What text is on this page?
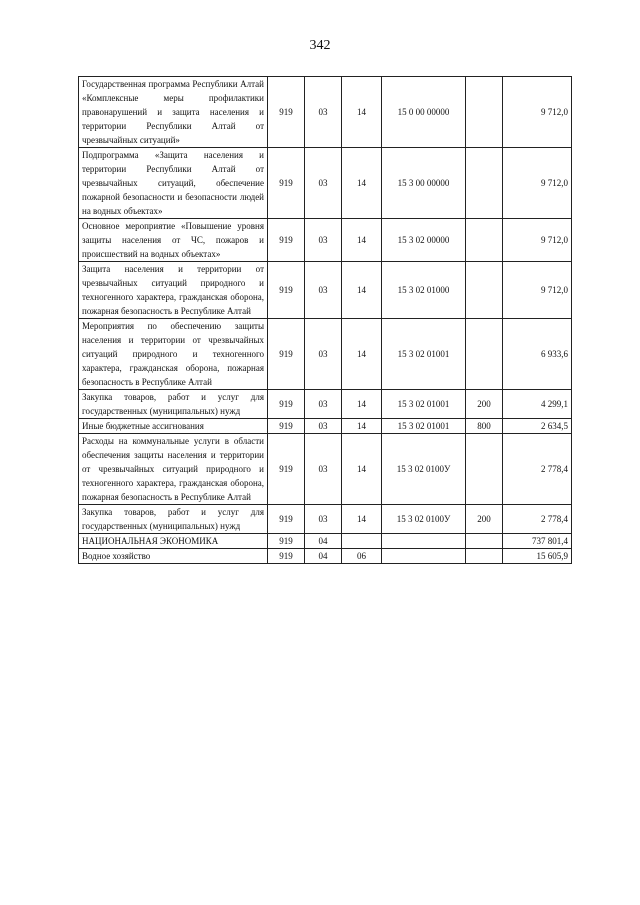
342
Государственная программа Республики Алтай «Комплексные меры профилактики правонарушений и защита населения и территории Республики Алтай от чрезвычайных ситуаций»	919	03	14	15 0 00 00000		9 712,0
Подпрограмма «Защита населения и территории Республики Алтай от чрезвычайных ситуаций, обеспечение пожарной безопасности и безопасности людей на водных объектах»	919	03	14	15 3 00 00000		9 712,0
Основное мероприятие «Повышение уровня защиты населения от ЧС, пожаров и происшествий на водных объектах»	919	03	14	15 3 02 00000		9 712,0
Защита населения и территории от чрезвычайных ситуаций природного и техногенного характера, гражданская оборона, пожарная безопасность в Республике Алтай	919	03	14	15 3 02 01000		9 712,0
Мероприятия по обеспечению защиты населения и территории от чрезвычайных ситуаций природного и техногенного характера, гражданская оборона, пожарная безопасность в Республике Алтай	919	03	14	15 3 02 01001		6 933,6
Закупка товаров, работ и услуг для государственных (муниципальных) нужд	919	03	14	15 3 02 01001	200	4 299,1
Иные бюджетные ассигнования	919	03	14	15 3 02 01001	800	2 634,5
Расходы на коммунальные услуги в области обеспечения защиты населения и территории от чрезвычайных ситуаций природного и техногенного характера, гражданская оборона, пожарная безопасность в Республике Алтай	919	03	14	15 3 02 0100У		2 778,4
Закупка товаров, работ и услуг для государственных (муниципальных) нужд	919	03	14	15 3 02 0100У	200	2 778,4
НАЦИОНАЛЬНАЯ ЭКОНОМИКА	919	04				737 801,4
Водное хозяйство	919	04	06			15 605,9
